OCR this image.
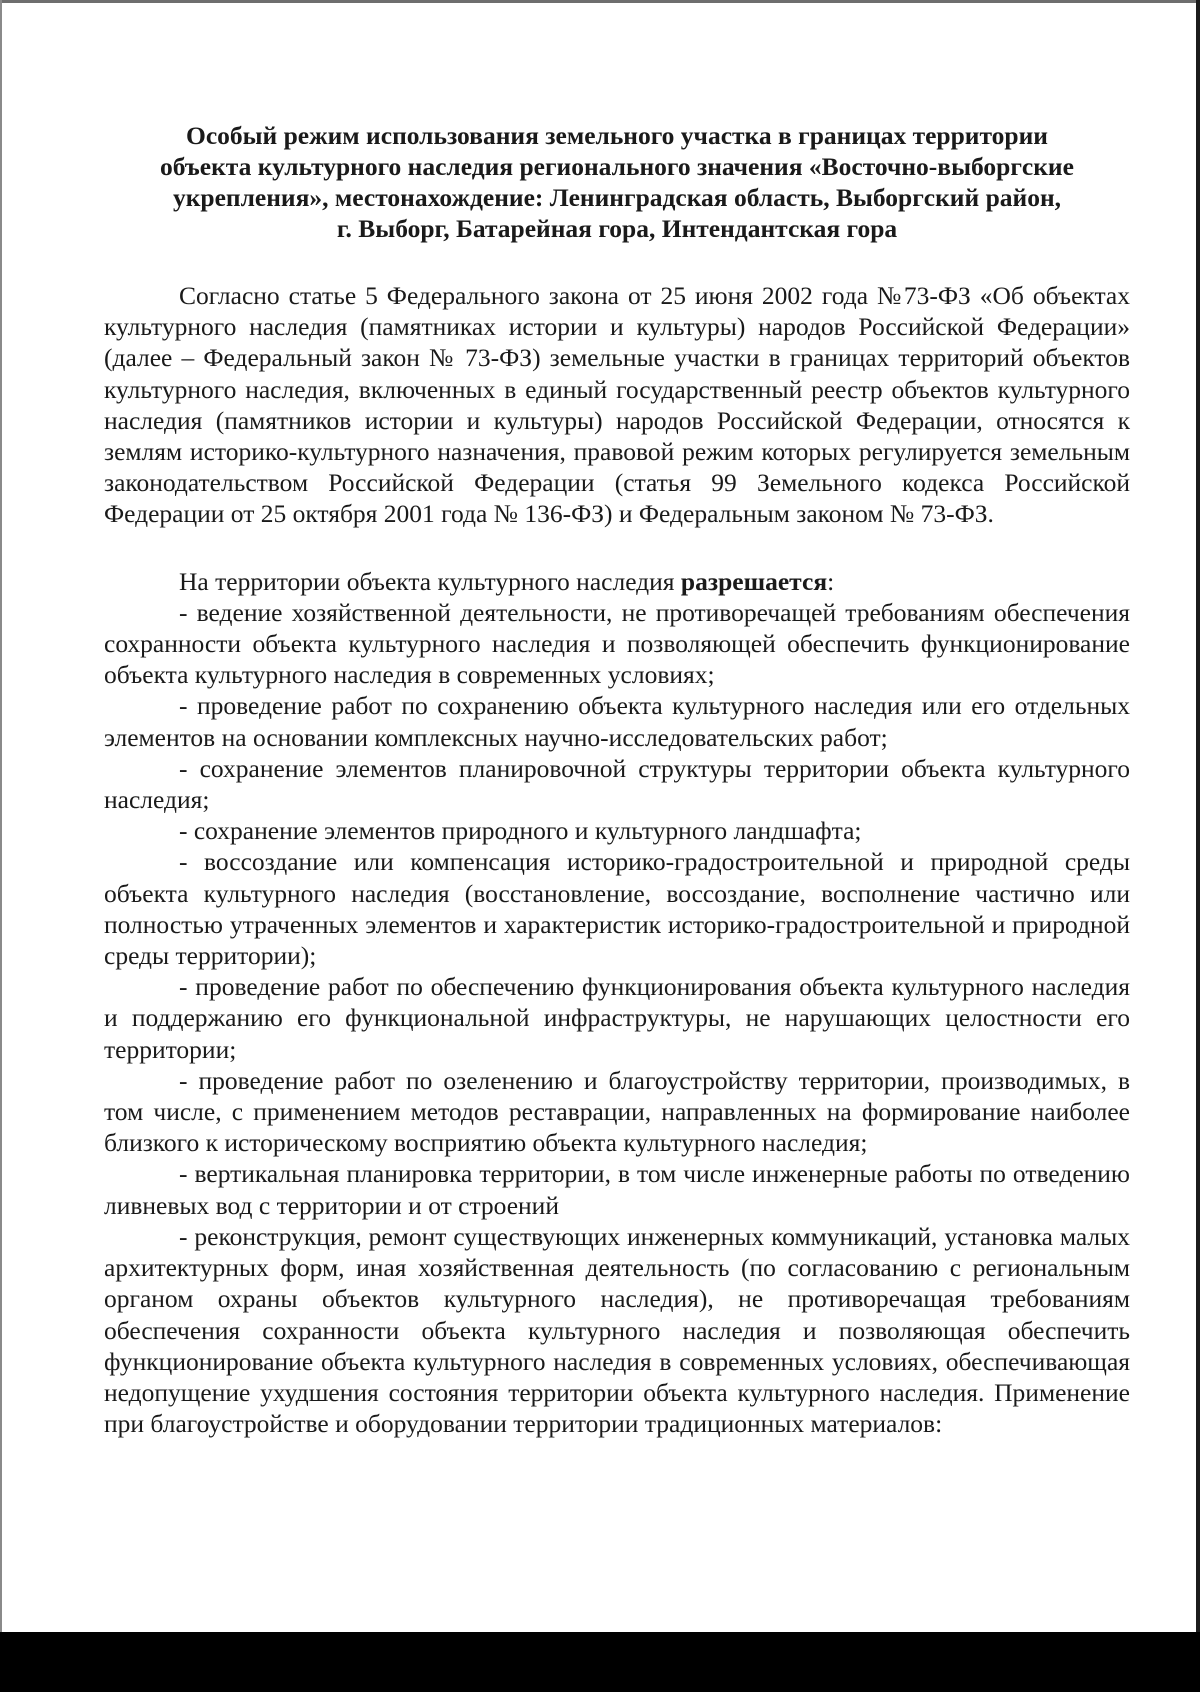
Особый режим использования земельного участка в границах территории
объекта культурного наследия регионального значения «Восточно-выборгские
укрепления», местонахождение: Ленинградская область, Выборгский район,
г. Выборг, Батарейная гора, Интендантская гора

Согласно статье 5 Федерального закона от 25 июня 2002 года №73-ФЗ «Об объектах культурного наследия (памятниках истории и культуры) народов Российской Федерации» (далее – Федеральный закон № 73-ФЗ) земельные участки в границах территорий объектов культурного наследия, включенных в единый государственный реестр объектов культурного наследия (памятников истории и культуры) народов Российской Федерации, относятся к землям историко-культурного назначения, правовой режим которых регулируется земельным законодательством Российской Федерации (статья 99 Земельного кодекса Российской Федерации от 25 октября 2001 года № 136-ФЗ) и Федеральным законом № 73-ФЗ.

На территории объекта культурного наследия разрешается:

- ведение хозяйственной деятельности, не противоречащей требованиям обеспечения сохранности объекта культурного наследия и позволяющей обеспечить функционирование объекта культурного наследия в современных условиях;

- проведение работ по сохранению объекта культурного наследия или его отдельных элементов на основании комплексных научно-исследовательских работ;

- сохранение элементов планировочной структуры территории объекта культурного наследия;

- сохранение элементов природного и культурного ландшафта;

- воссоздание или компенсация историко-градостроительной и природной среды объекта культурного наследия (восстановление, воссоздание, восполнение частично или полностью утраченных элементов и характеристик историко-градостроительной и природной среды территории);

- проведение работ по обеспечению функционирования объекта культурного наследия и поддержанию его функциональной инфраструктуры, не нарушающих целостности его территории;

- проведение работ по озеленению и благоустройству территории, производимых, в том числе, с применением методов реставрации, направленных на формирование наиболее близкого к историческому восприятию объекта культурного наследия;

- вертикальная планировка территории, в том числе инженерные работы по отведению ливневых вод с территории и от строений

- реконструкция, ремонт существующих инженерных коммуникаций, установка малых архитектурных форм, иная хозяйственная деятельность (по согласованию с региональным органом охраны объектов культурного наследия), не противоречащая требованиям обеспечения сохранности объекта культурного наследия и позволяющая обеспечить функционирование объекта культурного наследия в современных условиях, обеспечивающая недопущение ухудшения состояния территории объекта культурного наследия. Применение при благоустройстве и оборудовании территории традиционных материалов:
